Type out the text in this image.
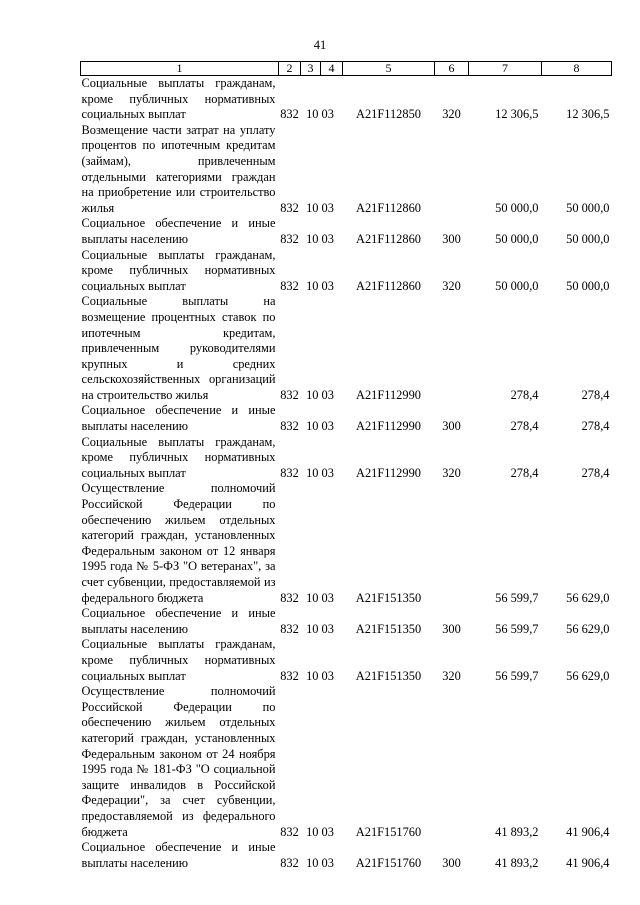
41
1	2	3	4	5	6	7	8
Социальные выплаты гражданам, кроме публичных нормативных социальных выплат	832	10	03	A21F112850	320	12 306,5	12 306,5
Возмещение части затрат на уплату процентов по ипотечным кредитам (займам), привлеченным отдельными категориями граждан на приобретение или строительство жилья	832	10	03	A21F112860		50 000,0	50 000,0
Социальное обеспечение и иные выплаты населению	832	10	03	A21F112860	300	50 000,0	50 000,0
Социальные выплаты гражданам, кроме публичных нормативных социальных выплат	832	10	03	A21F112860	320	50 000,0	50 000,0
Социальные выплаты на возмещение процентных ставок по ипотечным кредитам, привлеченным руководителями крупных и средних сельскохозяйственных организаций на строительство жилья	832	10	03	A21F112990		278,4	278,4
Социальное обеспечение и иные выплаты населению	832	10	03	A21F112990	300	278,4	278,4
Социальные выплаты гражданам, кроме публичных нормативных социальных выплат	832	10	03	A21F112990	320	278,4	278,4
Осуществление полномочий Российской Федерации по обеспечению жильем отдельных категорий граждан, установленных Федеральным законом от 12 января 1995 года № 5-ФЗ "О ветеранах", за счет субвенции, предоставляемой из федерального бюджета	832	10	03	A21F151350		56 599,7	56 629,0
Социальное обеспечение и иные выплаты населению	832	10	03	A21F151350	300	56 599,7	56 629,0
Социальные выплаты гражданам, кроме публичных нормативных социальных выплат	832	10	03	A21F151350	320	56 599,7	56 629,0
Осуществление полномочий Российской Федерации по обеспечению жильем отдельных категорий граждан, установленных Федеральным законом от 24 ноября 1995 года № 181-ФЗ "О социальной защите инвалидов в Российской Федерации", за счет субвенции, предоставляемой из федерального бюджета	832	10	03	A21F151760		41 893,2	41 906,4
Социальное обеспечение и иные выплаты населению	832	10	03	A21F151760	300	41 893,2	41 906,4
